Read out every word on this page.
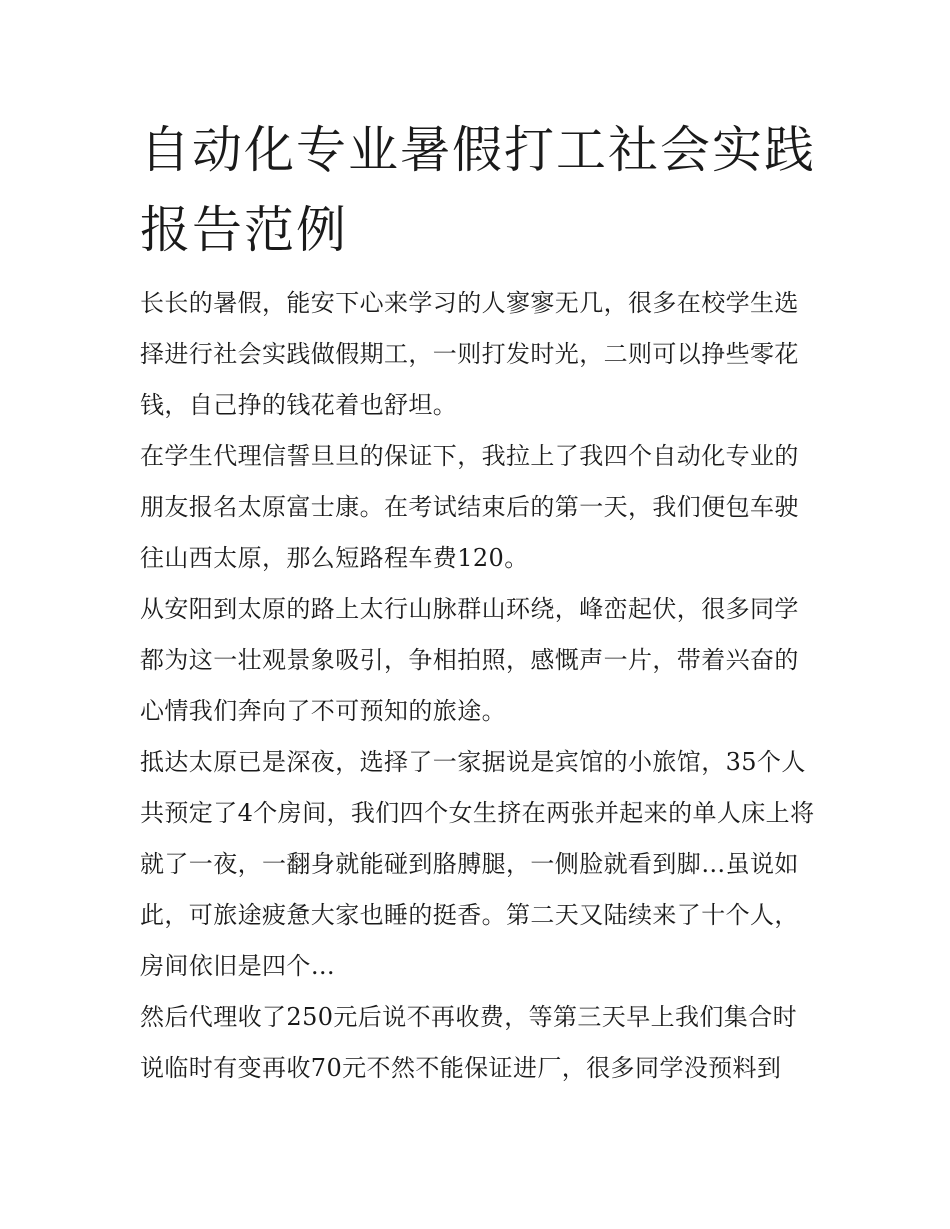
自动化专业暑假打工社会实践报告范例

长长的暑假，能安下心来学习的人寥寥无几，很多在校学生选择进行社会实践做假期工，一则打发时光，二则可以挣些零花钱，自己挣的钱花着也舒坦。

在学生代理信誓旦旦的保证下，我拉上了我四个自动化专业的朋友报名太原富士康。在考试结束后的第一天，我们便包车驶往山西太原，那么短路程车费120。

从安阳到太原的路上太行山脉群山环绕，峰峦起伏，很多同学都为这一壮观景象吸引，争相拍照，感慨声一片，带着兴奋的心情我们奔向了不可预知的旅途。

抵达太原已是深夜，选择了一家据说是宾馆的小旅馆，35个人共预定了4个房间，我们四个女生挤在两张并起来的单人床上将就了一夜，一翻身就能碰到胳膊腿，一侧脸就看到脚…虽说如此，可旅途疲惫大家也睡的挺香。第二天又陆续来了十个人，房间依旧是四个…

然后代理收了250元后说不再收费，等第三天早上我们集合时说临时有变再收70元不然不能保证进厂，很多同学没预料到
